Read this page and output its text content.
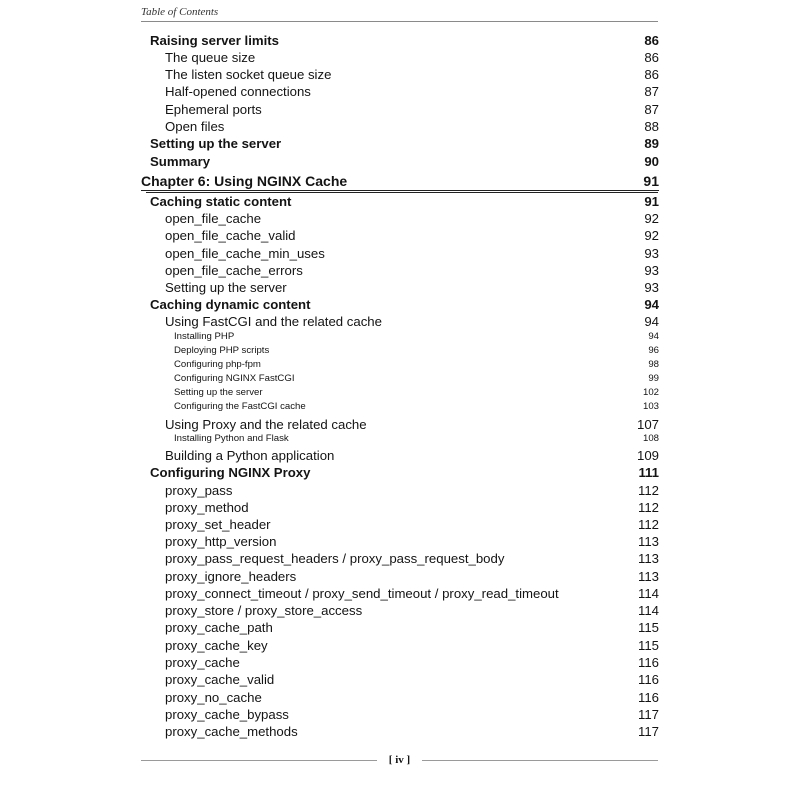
Table of Contents
Raising server limits	86
The queue size	86
The listen socket queue size	86
Half-opened connections	87
Ephemeral ports	87
Open files	88
Setting up the server	89
Summary	90
Chapter 6: Using NGINX Cache	91
Caching static content	91
open_file_cache	92
open_file_cache_valid	92
open_file_cache_min_uses	93
open_file_cache_errors	93
Setting up the server	93
Caching dynamic content	94
Using FastCGI and the related cache	94
Installing PHP	94
Deploying PHP scripts	96
Configuring php-fpm	98
Configuring NGINX FastCGI	99
Setting up the server	102
Configuring the FastCGI cache	103
Using Proxy and the related cache	107
Installing Python and Flask	108
Building a Python application	109
Configuring NGINX Proxy	111
proxy_pass	112
proxy_method	112
proxy_set_header	112
proxy_http_version	113
proxy_pass_request_headers / proxy_pass_request_body	113
proxy_ignore_headers	113
proxy_connect_timeout / proxy_send_timeout / proxy_read_timeout	114
proxy_store / proxy_store_access	114
proxy_cache_path	115
proxy_cache_key	115
proxy_cache	116
proxy_cache_valid	116
proxy_no_cache	116
proxy_cache_bypass	117
proxy_cache_methods	117
[ iv ]
